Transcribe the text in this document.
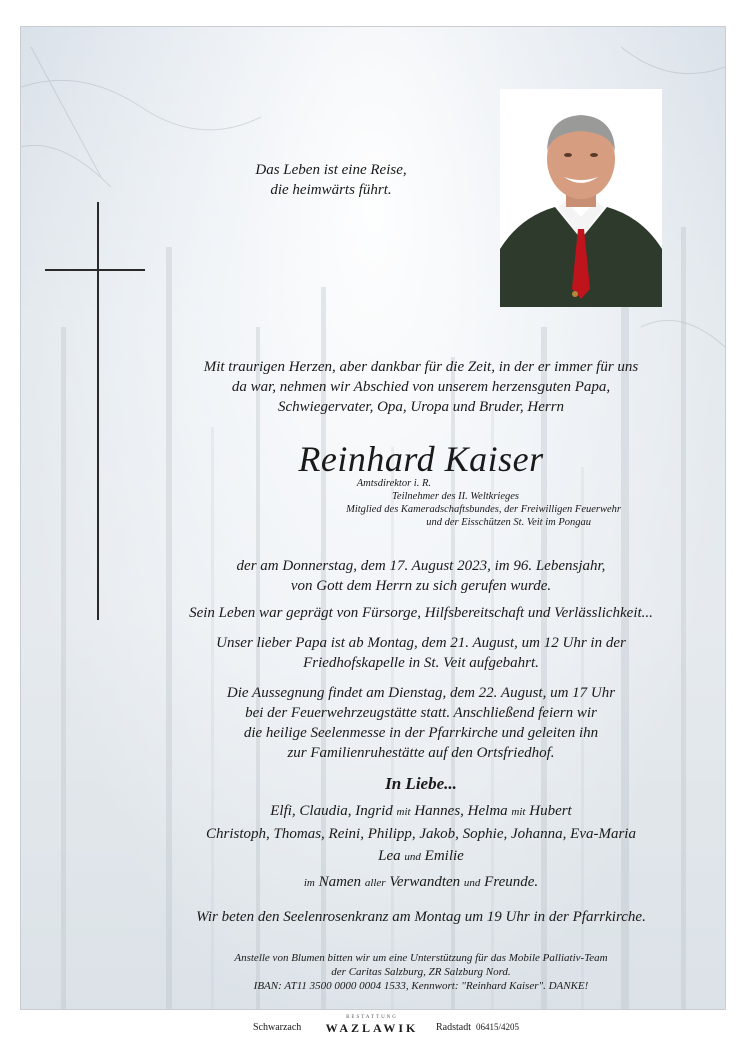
Das Leben ist eine Reise,
die heimwärts führt.
Mit traurigen Herzen, aber dankbar für die Zeit, in der er immer für uns
da war, nehmen wir Abschied von unserem herzensguten Papa,
Schwiegervater, Opa, Uropa und Bruder, Herrn
Reinhard Kaiser
Amtsdirektor i. R.
Teilnehmer des II. Weltkrieges
Mitglied des Kameradschaftsbundes, der Freiwilligen Feuerwehr
und der Eisschützen St. Veit im Pongau
der am Donnerstag, dem 17. August 2023, im 96. Lebensjahr,
von Gott dem Herrn zu sich gerufen wurde.
Sein Leben war geprägt von Fürsorge, Hilfsbereitschaft und Verlässlichkeit...
Unser lieber Papa ist ab Montag, dem 21. August, um 12 Uhr in der
Friedhofskapelle in St. Veit aufgebahrt.
Die Aussegnung findet am Dienstag, dem 22. August, um 17 Uhr
bei der Feuerwehrzeugstätte statt. Anschließend feiern wir
die heilige Seelenmesse in der Pfarrkirche und geleiten ihn
zur Familienruhestätte auf den Ortsfriedhof.
In Liebe...
Elfi, Claudia, Ingrid mit Hannes, Helma mit Hubert
Christoph, Thomas, Reini, Philipp, Jakob, Sophie, Johanna, Eva-Maria
Lea und Emilie
im Namen aller Verwandten und Freunde.
Wir beten den Seelenrosenkranz am Montag um 19 Uhr in der Pfarrkirche.
Anstelle von Blumen bitten wir um eine Unterstützung für das Mobile Palliativ-Team
der Caritas Salzburg, ZR Salzburg Nord.
IBAN: AT11 3500 0000 0004 1533, Kennwort: "Reinhard Kaiser". DANKE!
Schwarzach
BESTATTUNG
WAZLAWIK	Radstadt 06415/4205
